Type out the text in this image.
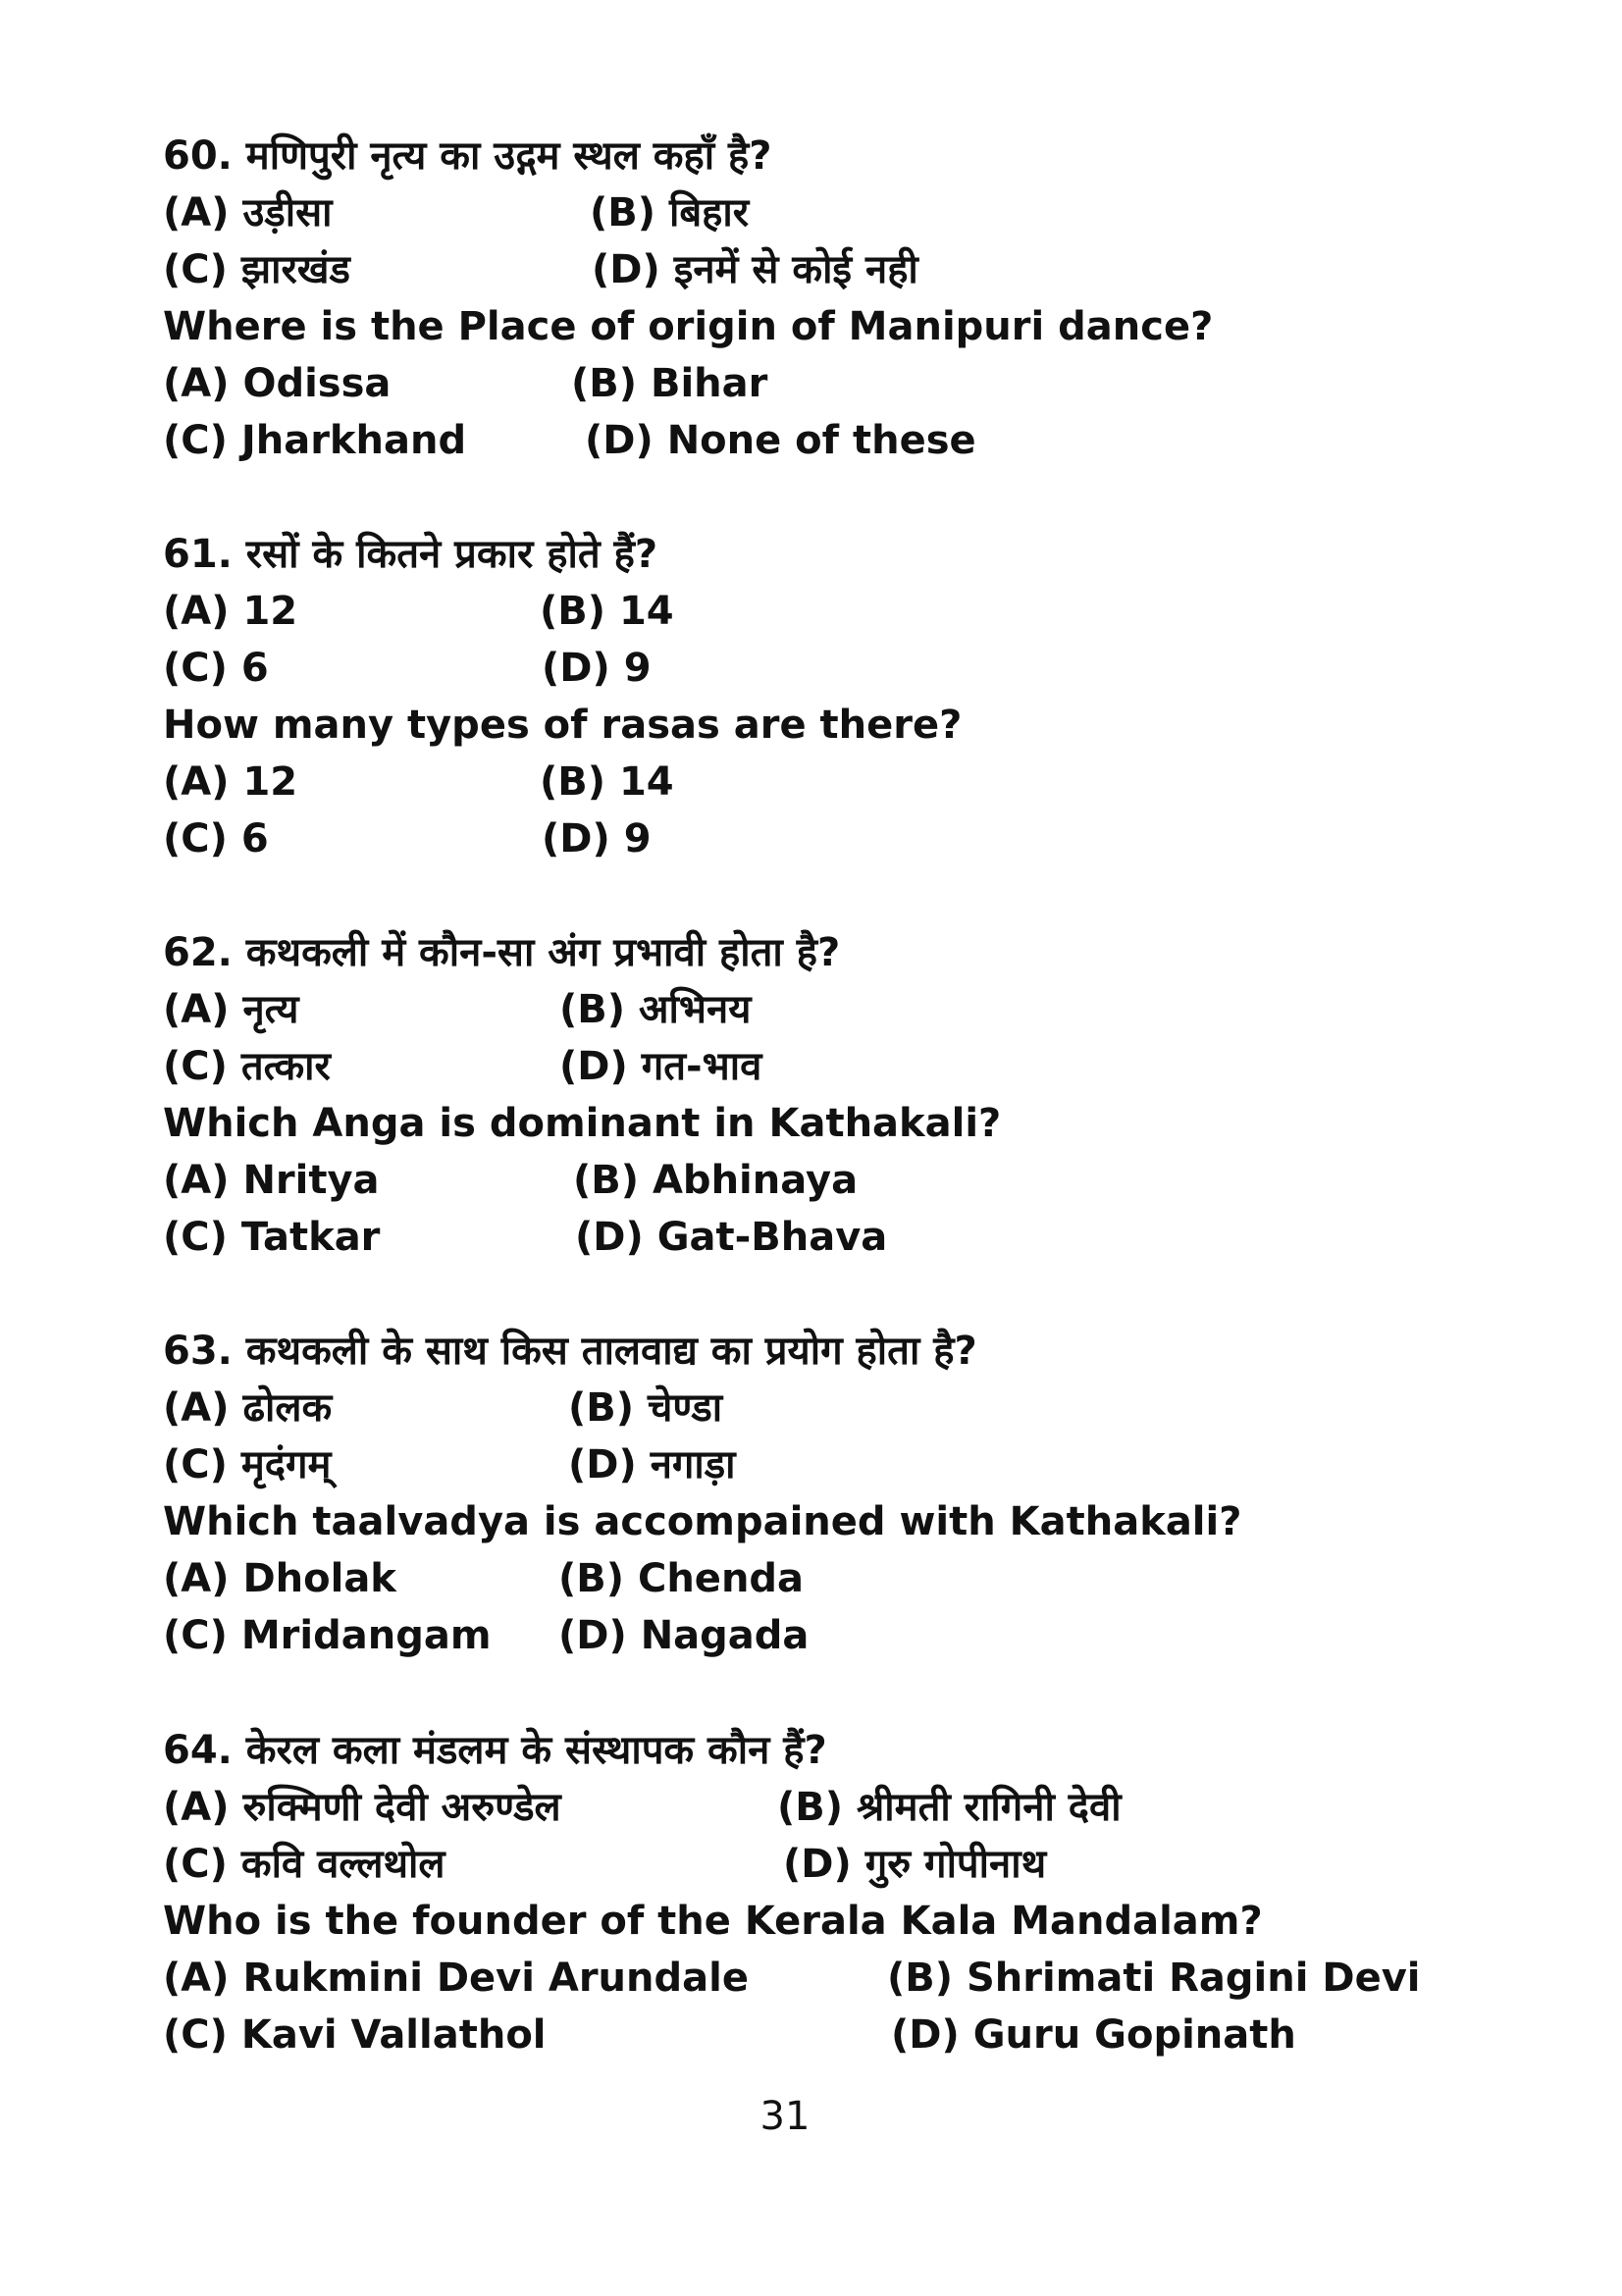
60. मणिपुरी नृत्य का उद्गम स्थल कहाँ है?
(A) उड़ीसा	(B) बिहार
(C) झारखंड	(D) इनमें से कोई नही
Where is the Place of origin of Manipuri dance?
(A) Odissa	(B) Bihar
(C) Jharkhand	(D) None of these
61. रसों के कितने प्रकार होते हैं?
(A) 12	(B) 14
(C) 6	(D) 9
How many types of rasas are there?
(A) 12	(B) 14
(C) 6	(D) 9
62. कथकली में कौन-सा अंग प्रभावी होता है?
(A) नृत्य	(B) अभिनय
(C) तत्कार	(D) गत-भाव
Which Anga is dominant in Kathakali?
(A) Nritya	(B) Abhinaya
(C) Tatkar	(D) Gat-Bhava
63. कथकली के साथ किस तालवाद्य का प्रयोग होता है?
(A) ढोलक	(B) चेण्डा
(C) मृदंगम्	(D) नगाड़ा
Which taalvadya is accompained with Kathakali?
(A) Dholak	(B) Chenda
(C) Mridangam (D) Nagada
64. केरल कला मंडलम के संस्थापक कौन हैं?
(A) रुक्मिणी देवी अरुण्डेल	(B) श्रीमती रागिनी देवी
(C) कवि वल्लथोल	(D) गुरु गोपीनाथ
Who is the founder of the Kerala Kala Mandalam?
(A) Rukmini Devi Arundale	(B) Shrimati Ragini Devi
(C) Kavi Vallathol	(D) Guru Gopinath
31
